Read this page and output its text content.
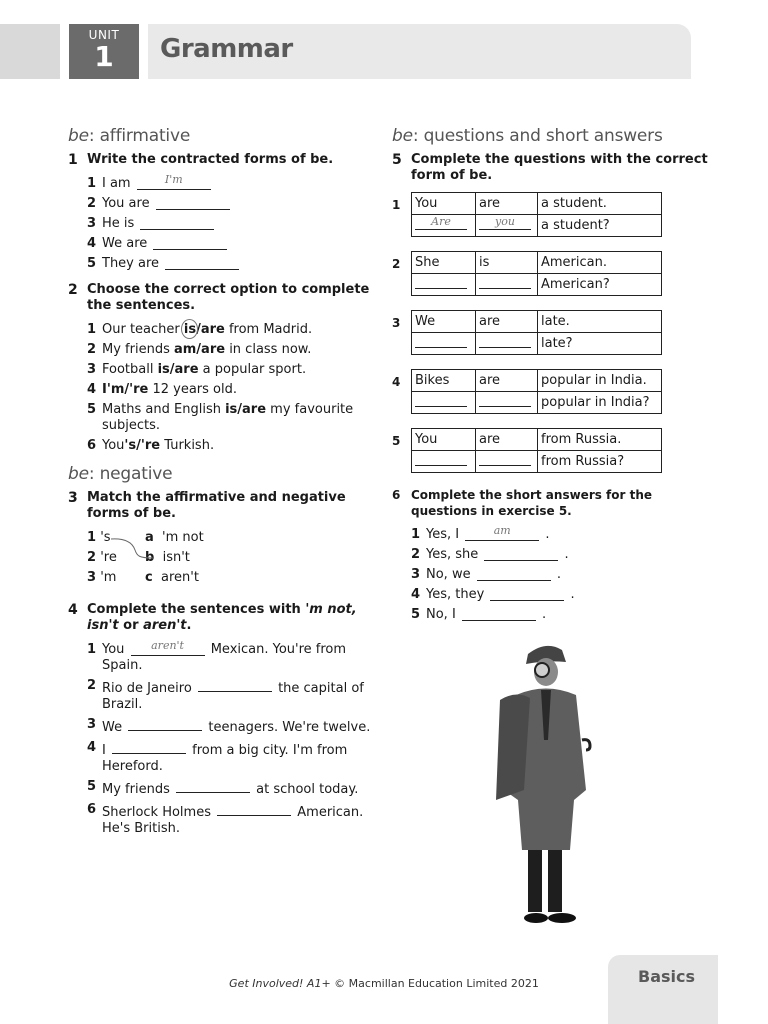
UNIT
1	Grammar
be: affirmative
1 Write the contracted forms of be.
1 I am
	$^{I'm}$
2 You are

3 He is

4 We are

5 They are

2 Choose the correct option to complete the sentences.
1 Our teacher
is/are from Madrid.
2 My friends am/are in class now.
3 Football is/are a popular sport.
4 I'm/'re 12 years old.
5 Maths and English is/are my favourite subjects.
6 You's/'re Turkish.
be: negative
3 Match the affirmative and negative forms of be.
1 's	a 'm not
2 're	b isn't
3 'm	c aren't
4 Complete the sentences with 'm not, isn't or aren't.
1 You $^{aren't}$ Mexican. You're from Spain.
2 Rio de Janeiro	the capital of Brazil.
3 We	teenagers. We're twelve.
4 I	from a big city. I'm from Hereford.
5 My friends	at school today.
6 Sherlock Holmes	American. He's British.
be: questions and short answers
5 Complete the questions with the correct form of be.
1 You	are	a student.
$^{Are}$	$^{you}$	a student?
2 She	is	American.
		American?
3 We	are	late.
		late?
4 Bikes	are	popular in India.
		popular in India?
5 You	are	from Russia.
		from Russia?
6 Complete the short answers for the questions in exercise 5.
1 Yes, I
	$^{am}$	.
2 Yes, she
	.
3 No, we
	.
4 Yes, they
	.
5 No, I
	.
Get Involved! A1+ © Macmillan Education Limited 2021	Basics
